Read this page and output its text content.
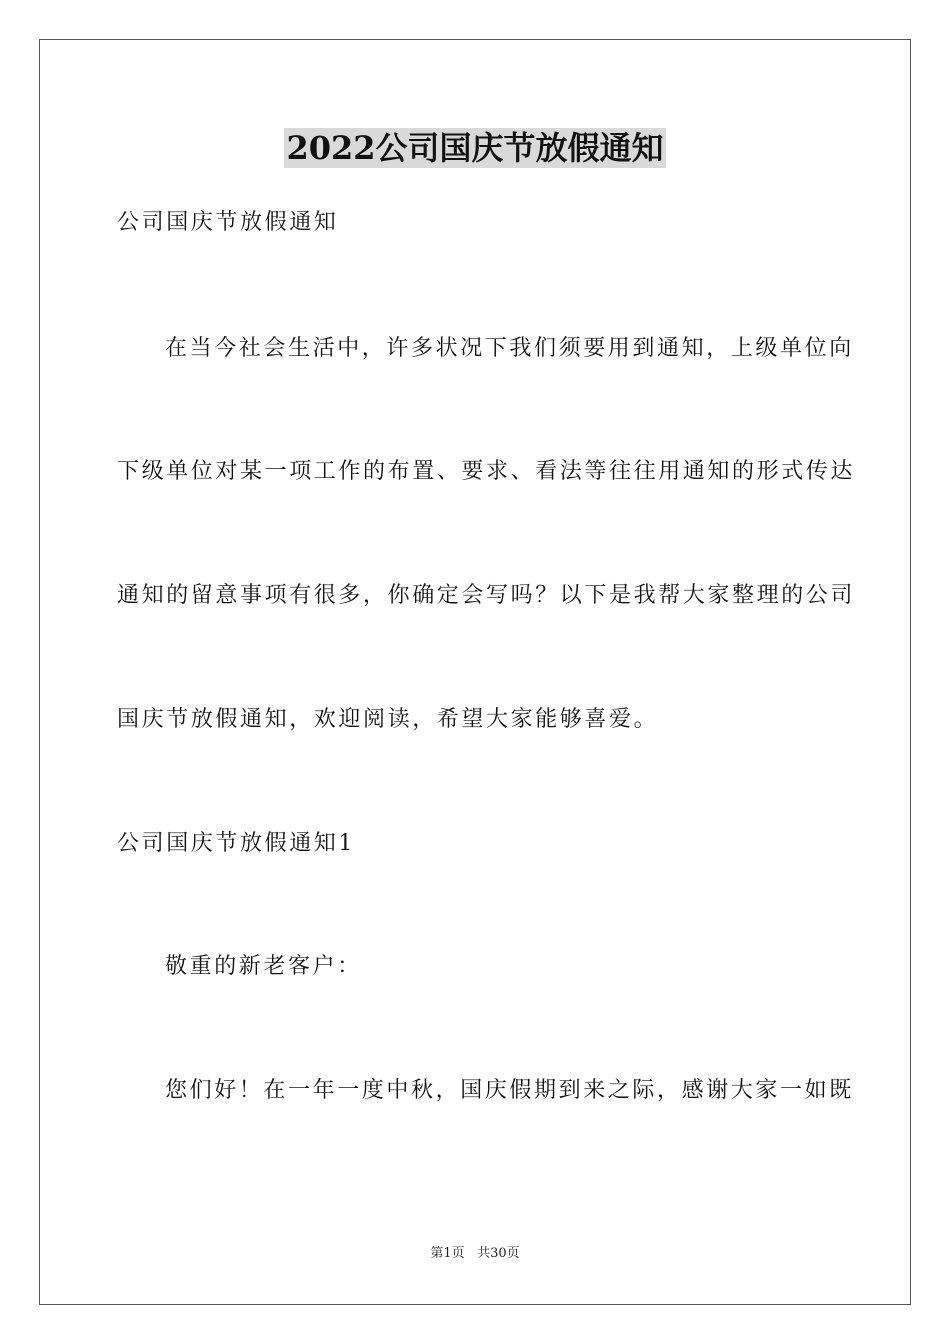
2022公司国庆节放假通知
公司国庆节放假通知
在当今社会生活中，许多状况下我们须要用到通知，上级单位向
下级单位对某一项工作的布置、要求、看法等往往用通知的形式传达
通知的留意事项有很多，你确定会写吗？以下是我帮大家整理的公司
国庆节放假通知，欢迎阅读，希望大家能够喜爱。
公司国庆节放假通知1
敬重的新老客户：
您们好！在一年一度中秋，国庆假期到来之际，感谢大家一如既
第1页 共30页
